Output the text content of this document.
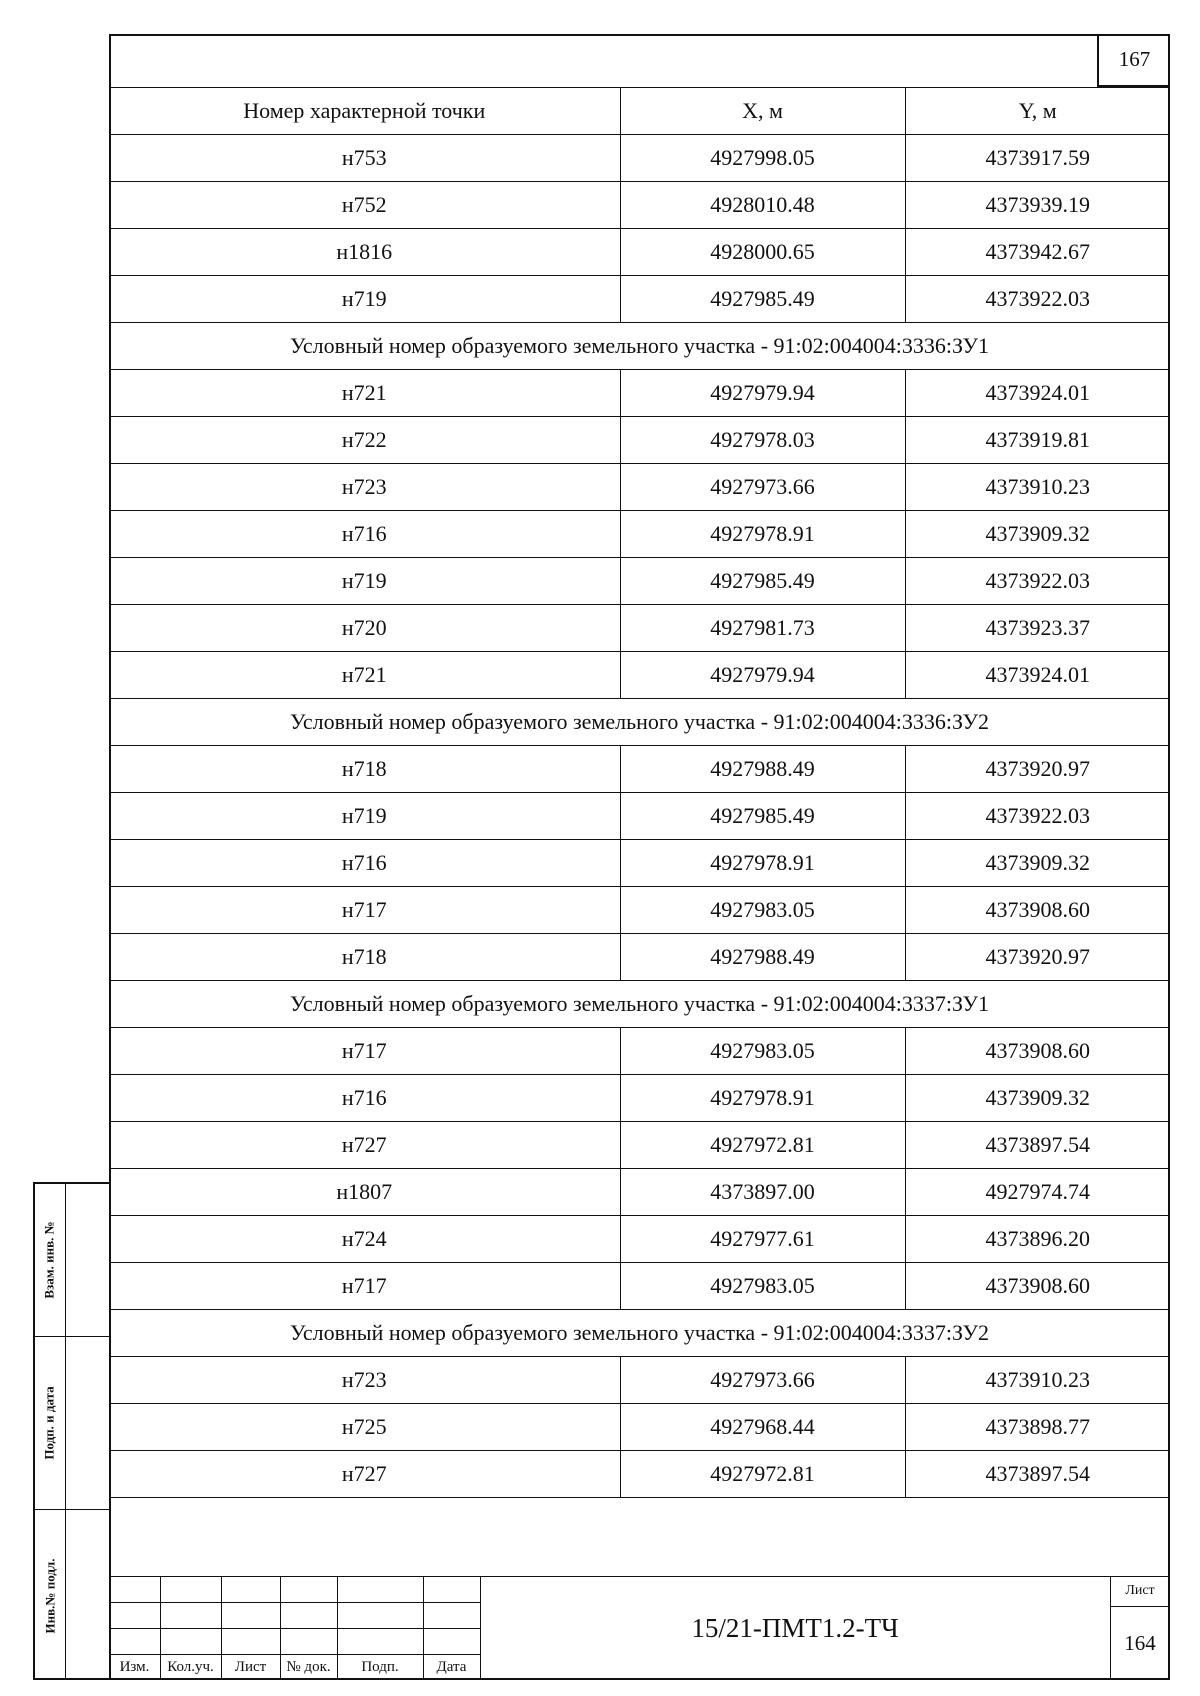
167
Номер характерной точки	X, м	Y, м
н753	4927998.05	4373917.59
н752	4928010.48	4373939.19
н1816	4928000.65	4373942.67
н719	4927985.49	4373922.03
Условный номер образуемого земельного участка - 91:02:004004:3336:ЗУ1		
н721	4927979.94	4373924.01
н722	4927978.03	4373919.81
н723	4927973.66	4373910.23
н716	4927978.91	4373909.32
н719	4927985.49	4373922.03
н720	4927981.73	4373923.37
н721	4927979.94	4373924.01
Условный номер образуемого земельного участка - 91:02:004004:3336:ЗУ2		
н718	4927988.49	4373920.97
н719	4927985.49	4373922.03
н716	4927978.91	4373909.32
н717	4927983.05	4373908.60
н718	4927988.49	4373920.97
Условный номер образуемого земельного участка - 91:02:004004:3337:ЗУ1		
н717	4927983.05	4373908.60
н716	4927978.91	4373909.32
н727	4927972.81	4373897.54
н1807	4373897.00	4927974.74
н724	4927977.61	4373896.20
н717	4927983.05	4373908.60
Условный номер образуемого земельного участка - 91:02:004004:3337:ЗУ2		
н723	4927973.66	4373910.23
н725	4927968.44	4373898.77
н727	4927972.81	4373897.54
Взам. инв. №
Подп. и дата
Инв.№ подл.
Изм.	Кол.уч.	Лист	№ док.	Подп.	Дата
15/21-ПМТ1.2-ТЧ
Лист
164
